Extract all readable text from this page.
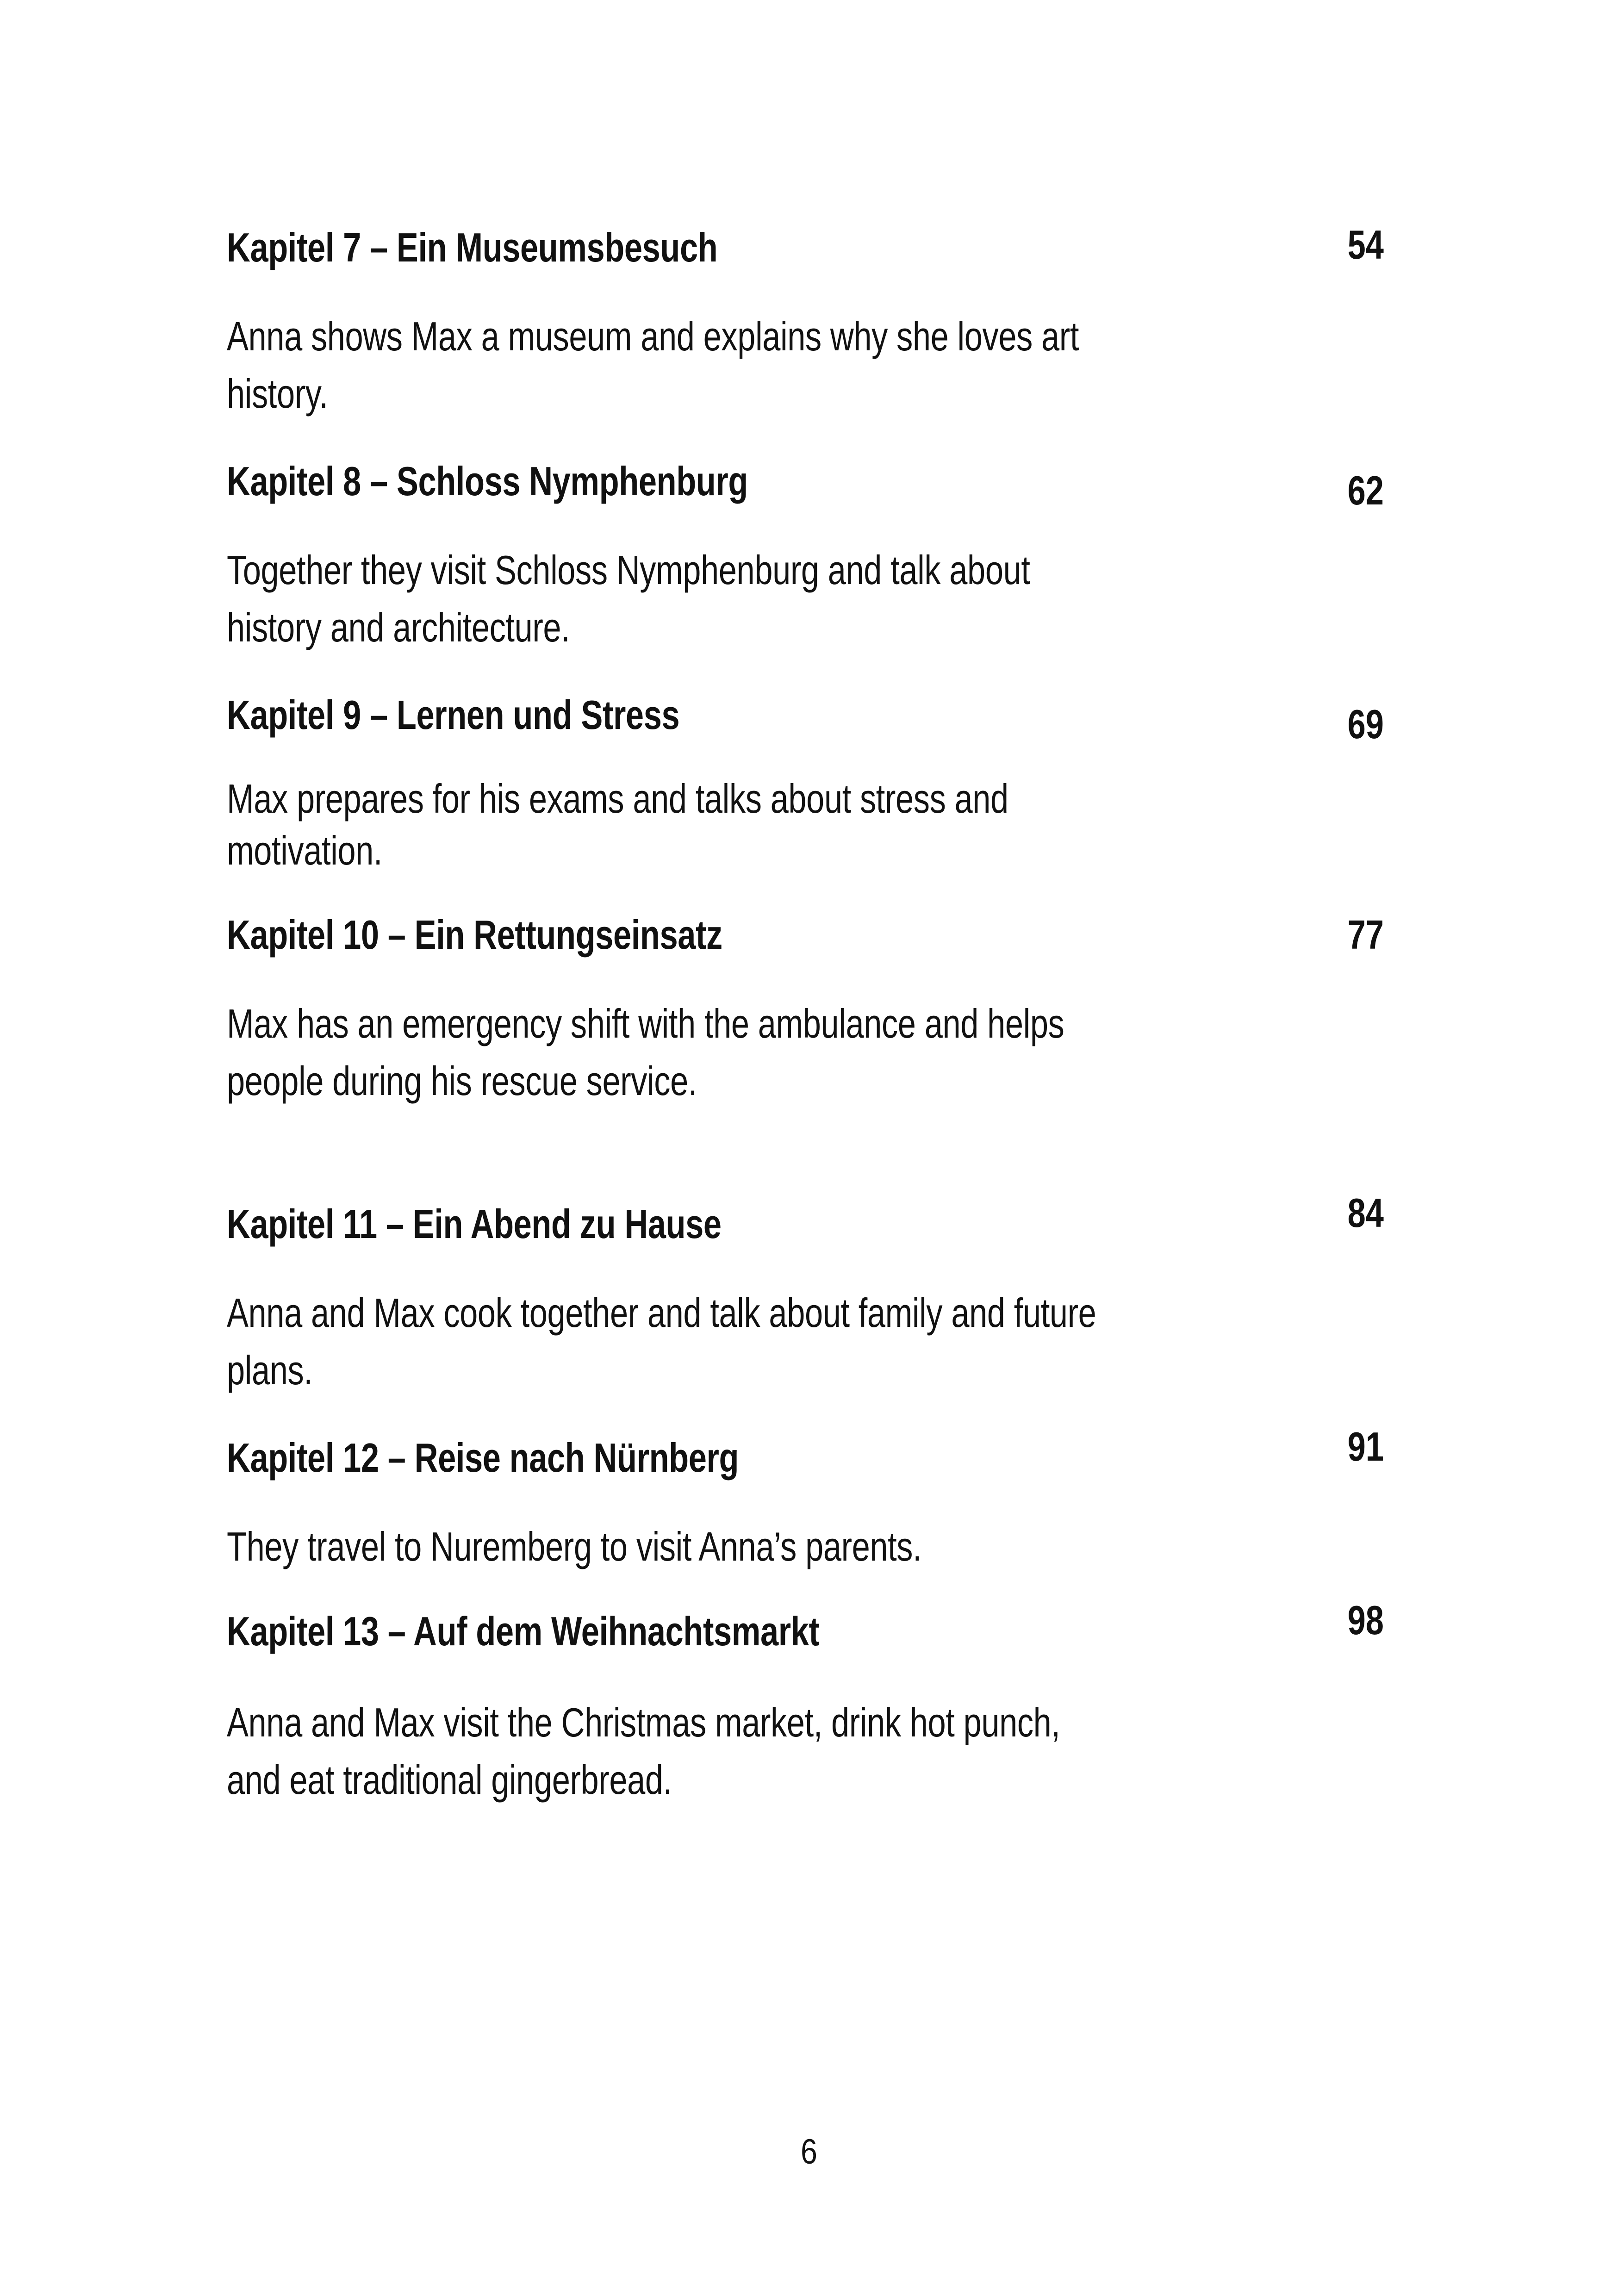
Kapitel 7 – Ein Museumsbesuch	54
Anna shows Max a museum and explains why she loves art
history.
Kapitel 8 – Schloss Nymphenburg	62
Together they visit Schloss Nymphenburg and talk about
history and architecture.
Kapitel 9 – Lernen und Stress	69
Max prepares for his exams and talks about stress and
motivation.
Kapitel 10 – Ein Rettungseinsatz	77
Max has an emergency shift with the ambulance and helps
people during his rescue service.
Kapitel 11 – Ein Abend zu Hause	84
Anna and Max cook together and talk about family and future
plans.
Kapitel 12 – Reise nach Nürnberg	91
They travel to Nuremberg to visit Anna’s parents.
Kapitel 13 – Auf dem Weihnachtsmarkt	98
Anna and Max visit the Christmas market, drink hot punch,
and eat traditional gingerbread.
6
